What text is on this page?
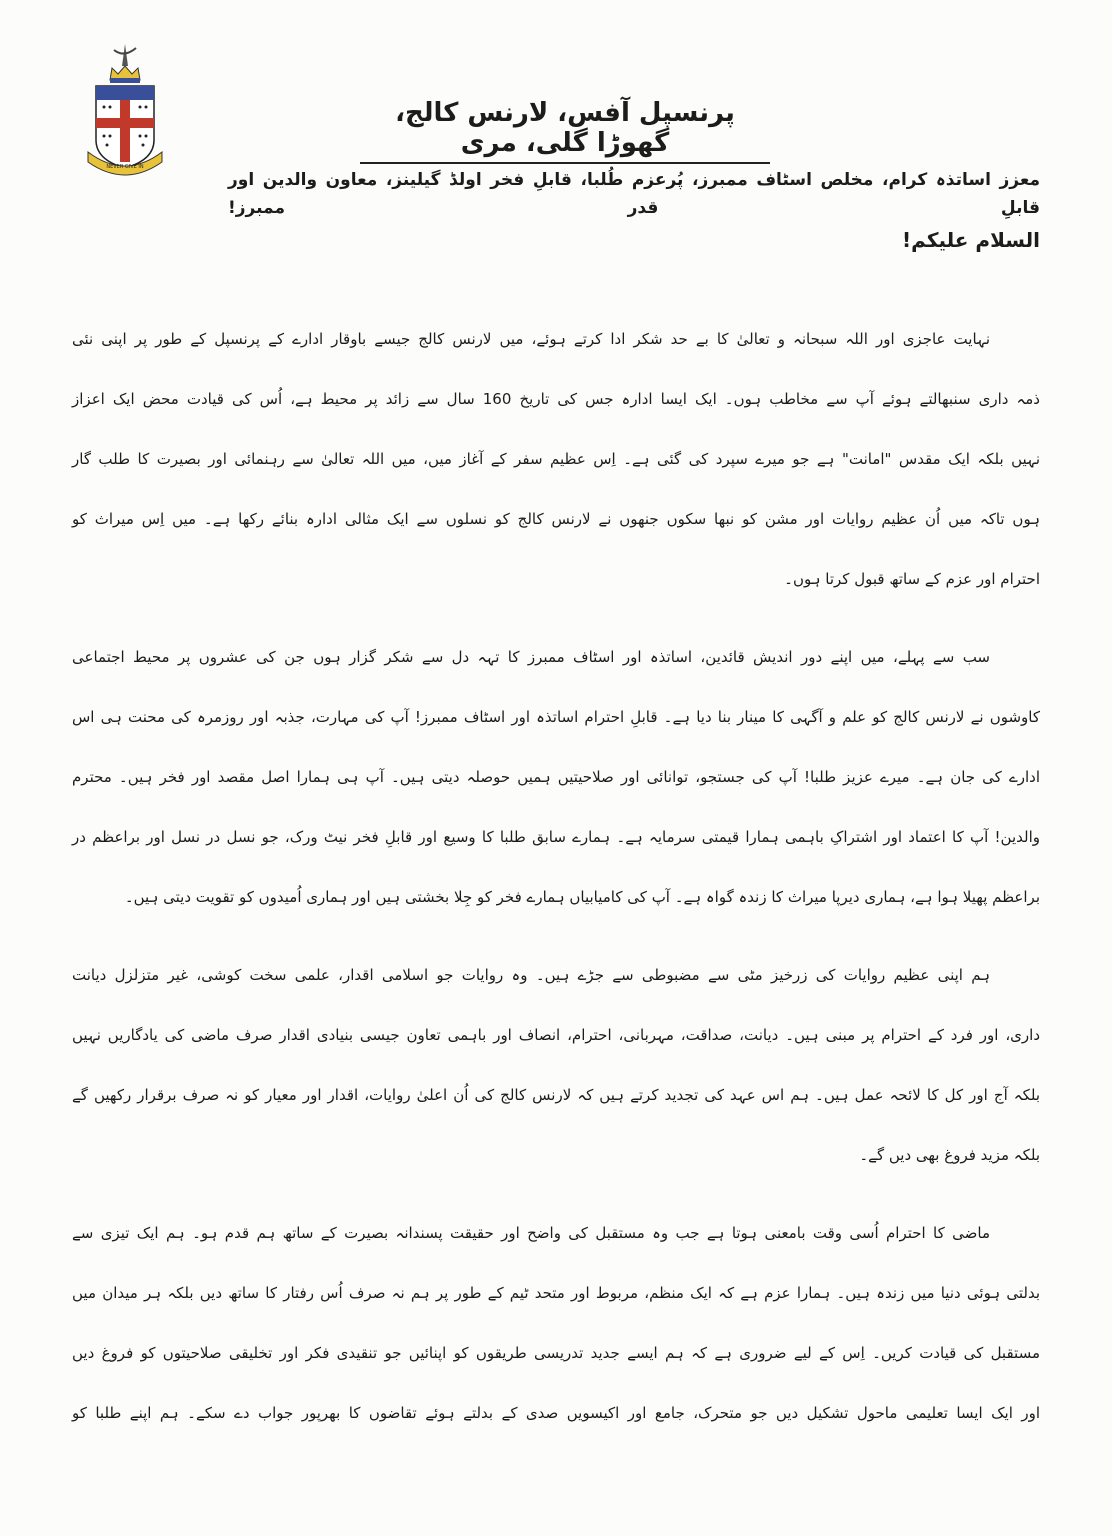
NEVER GIVE IN
پرنسپل آفس، لارنس کالج، گھوڑا گلی، مری
معزز اساتذہ کرام، مخلص اسٹاف ممبرز، پُرعزم طُلبا، قابلِ فخر اولڈ گیلینز، معاون والدین اور قابلِ قدر ممبرز!
السلام علیکم!
نہایت عاجزی اور اللہ سبحانہ و تعالیٰ کا بے حد شکر ادا کرتے ہوئے، میں لارنس کالج جیسے باوقار ادارے کے پرنسپل کے طور پر اپنی نئی
ذمہ داری سنبھالتے ہوئے آپ سے مخاطب ہوں۔ ایک ایسا ادارہ جس کی تاریخ 160 سال سے زائد پر محیط ہے، اُس کی قیادت محض ایک اعزاز
نہیں بلکہ ایک مقدس "امانت" ہے جو میرے سپرد کی گئی ہے۔ اِس عظیم سفر کے آغاز میں، میں اللہ تعالیٰ سے رہنمائی اور بصیرت کا طلب گار
ہوں تاکہ میں اُن عظیم روایات اور مشن کو نبھا سکوں جنھوں نے لارنس کالج کو نسلوں سے ایک مثالی ادارہ بنائے رکھا ہے۔ میں اِس میراث کو
احترام اور عزم کے ساتھ قبول کرتا ہوں۔
سب سے پہلے، میں اپنے دور اندیش قائدین، اساتذہ اور اسٹاف ممبرز کا تہہ دل سے شکر گزار ہوں جن کی عشروں پر محیط اجتماعی
کاوشوں نے لارنس کالج کو علم و آگہی کا مینار بنا دیا ہے۔ قابلِ احترام اساتذہ اور اسٹاف ممبرز! آپ کی مہارت، جذبہ اور روزمرہ کی محنت ہی اس
ادارے کی جان ہے۔ میرے عزیز طلبا! آپ کی جستجو، توانائی اور صلاحیتیں ہمیں حوصلہ دیتی ہیں۔ آپ ہی ہمارا اصل مقصد اور فخر ہیں۔ محترم
والدین! آپ کا اعتماد اور اشتراکِ باہمی ہمارا قیمتی سرمایہ ہے۔ ہمارے سابق طلبا کا وسیع اور قابلِ فخر نیٹ ورک، جو نسل در نسل اور براعظم در
براعظم پھیلا ہوا ہے، ہماری دیرپا میراث کا زندہ گواہ ہے۔ آپ کی کامیابیاں ہمارے فخر کو جِلا بخشتی ہیں اور ہماری اُمیدوں کو تقویت دیتی ہیں۔
ہم اپنی عظیم روایات کی زرخیز مٹی سے مضبوطی سے جڑے ہیں۔ وہ روایات جو اسلامی اقدار، علمی سخت کوشی، غیر متزلزل دیانت
داری، اور فرد کے احترام پر مبنی ہیں۔ دیانت، صداقت، مہربانی، احترام، انصاف اور باہمی تعاون جیسی بنیادی اقدار صرف ماضی کی یادگاریں نہیں
بلکہ آج اور کل کا لائحہ عمل ہیں۔ ہم اس عہد کی تجدید کرتے ہیں کہ لارنس کالج کی اُن اعلیٰ روایات، اقدار اور معیار کو نہ صرف برقرار رکھیں گے
بلکہ مزید فروغ بھی دیں گے۔
ماضی کا احترام اُسی وقت بامعنی ہوتا ہے جب وہ مستقبل کی واضح اور حقیقت پسندانہ بصیرت کے ساتھ ہم قدم ہو۔ ہم ایک تیزی سے
بدلتی ہوئی دنیا میں زندہ ہیں۔ ہمارا عزم ہے کہ ایک منظم، مربوط اور متحد ٹیم کے طور پر ہم نہ صرف اُس رفتار کا ساتھ دیں بلکہ ہر میدان میں
مستقبل کی قیادت کریں۔ اِس کے لیے ضروری ہے کہ ہم ایسے جدید تدریسی طریقوں کو اپنائیں جو تنقیدی فکر اور تخلیقی صلاحیتوں کو فروغ دیں
اور ایک ایسا تعلیمی ماحول تشکیل دیں جو متحرک، جامع اور اکیسویں صدی کے بدلتے ہوئے تقاضوں کا بھرپور جواب دے سکے۔ ہم اپنے طلبا کو
